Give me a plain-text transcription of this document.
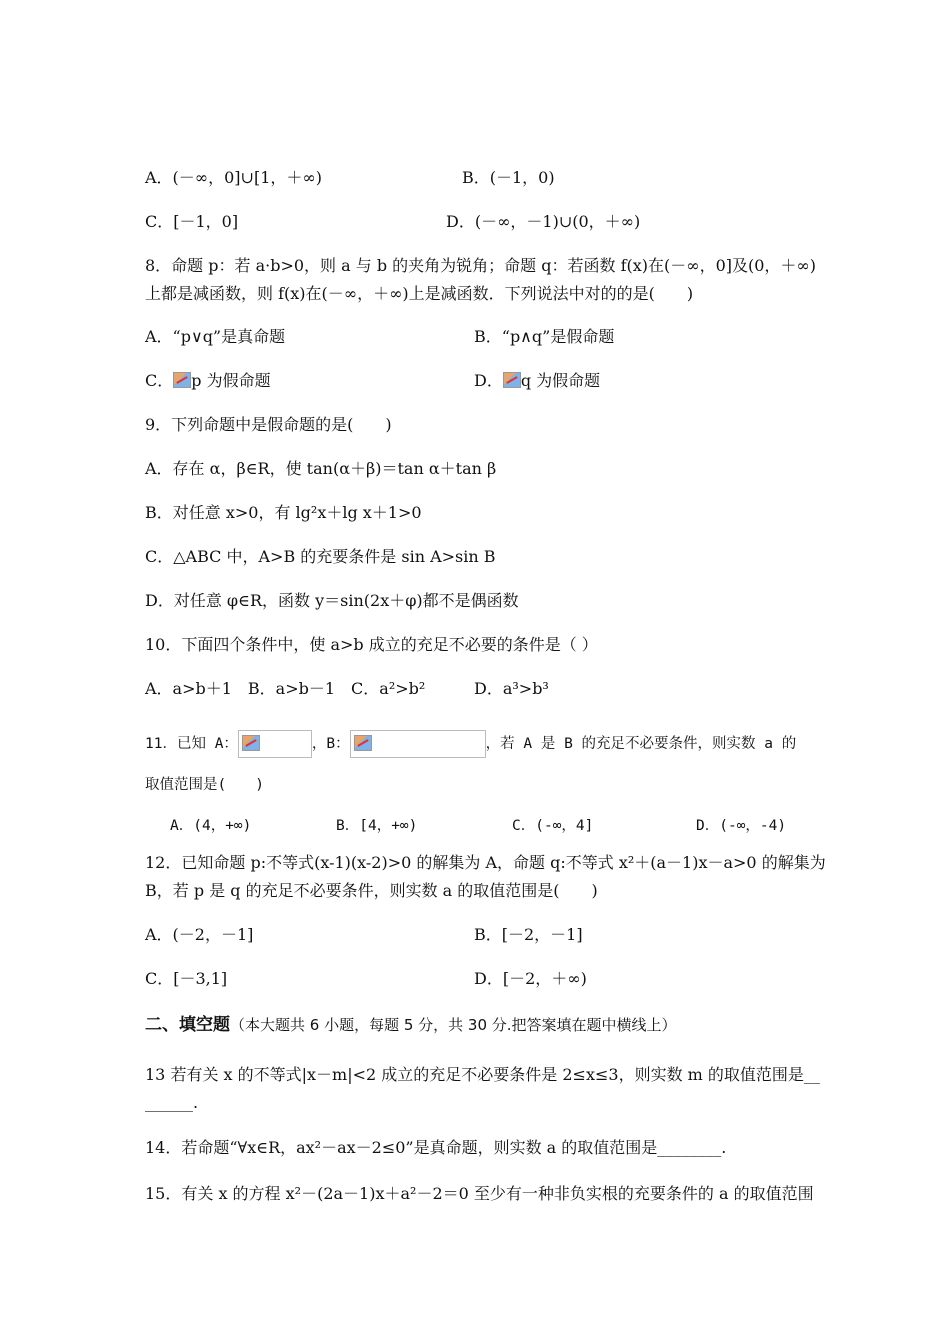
A．(－∞，0]∪[1，＋∞)	B．(－1，0)
C．[－1，0]	D．(－∞，－1)∪(0，＋∞)
8．命题 p：若 a·b>0，则 a 与 b 的夹角为锐角；命题 q：若函数 f(x)在(－∞，0]及(0，＋∞)
上都是减函数，则 f(x)在(－∞，＋∞)上是减函数．下列说法中对的的是(　　)
A．“p∨q”是真命题	B．“p∧q”是假命题
C． p 为假命题	D． q 为假命题
9．下列命题中是假命题的是(　　)
A．存在 α，β∈R，使 tan(α＋β)＝tan α＋tan β
B．对任意 x>0，有 lg²x＋lg x＋1>0
C．△ABC 中，A>B 的充要条件是 sin A>sin B
D．对任意 φ∈R，函数 y＝sin(2x＋φ)都不是偶函数
10．下面四个条件中，使 a>b 成立的充足不必要的条件是（ ）
A．a>b＋1　B．a>b－1　C．a²>b²	D．a³>b³
11．已知 A：	，B：	，若 A 是 B 的充足不必要条件，则实数 a 的
取值范围是(　　)
A．(4，+∞)	B．[4，+∞)	C．(-∞，4]	D．(-∞，-4)
12．已知命题 p:不等式(x-1)(x-2)>0 的解集为 A，命题 q:不等式 x²＋(a－1)x－a>0 的解集为
B，若 p 是 q 的充足不必要条件，则实数 a 的取值范围是(　　)
A．(－2，－1]	B．[－2，－1]
C．[－3,1]	D．[－2，＋∞)
二、填空题（本大题共 6 小题，每题 5 分，共 30 分.把答案填在题中横线上）
13 若有关 x 的不等式|x－m|<2 成立的充足不必要条件是 2≤x≤3，则实数 m 的取值范围是__
______.
14．若命题“∀x∈R，ax²－ax－2≤0”是真命题，则实数 a 的取值范围是________.
15．有关 x 的方程 x²－(2a－1)x＋a²－2＝0 至少有一种非负实根的充要条件的 a 的取值范围
